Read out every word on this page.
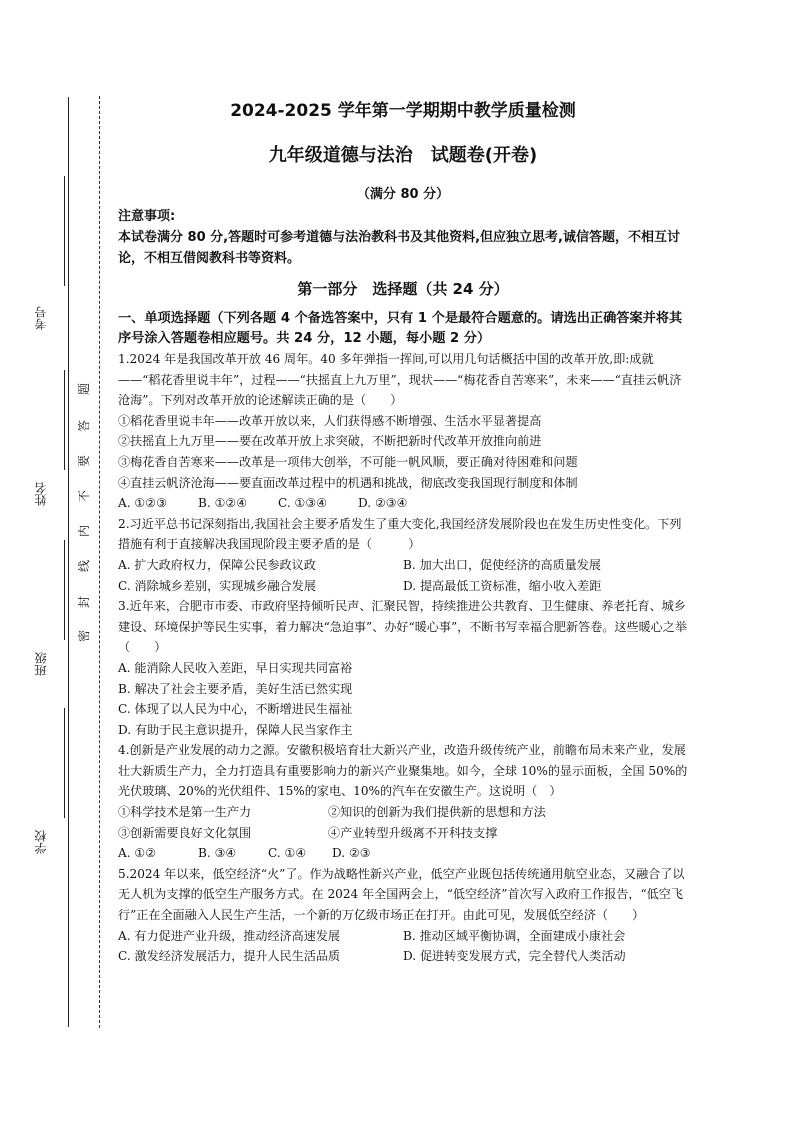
考号
姓名
班级
学校
题
答
要
不
内
线
封
密
2024-2025 学年第一学期期中教学质量检测
九年级道德与法治　试题卷(开卷)
（满分 80 分）
注意事项:
本试卷满分 80 分,答题时可参考道德与法治教科书及其他资料,但应独立思考,诚信答题，不相互讨论，不相互借阅教科书等资料。
第一部分　选择题（共 24 分）
一、单项选择题（下列各题 4 个备选答案中，只有 1 个是最符合题意的。请选出正确答案并将其序号涂入答题卷相应题号。共 24 分，12 小题，每小题 2 分）
1.2024 年是我国改革开放 46 周年。40 多年弹指一挥间,可以用几句话概括中国的改革开放,即:成就——“稻花香里说丰年”，过程——“扶摇直上九万里”，现状——“梅花香自苦寒来”，未来——“直挂云帆济沧海”。下列对改革开放的论述解读正确的是（　　）
①稻花香里说丰年——改革开放以来，人们获得感不断增强、生活水平显著提高
②扶摇直上九万里——要在改革开放上求突破，不断把新时代改革开放推向前进
③梅花香自苦寒来——改革是一项伟大创举，不可能一帆风顺，要正确对待困难和问题
④直挂云帆济沧海——要直面改革过程中的机遇和挑战，彻底改变我国现行制度和体制
A. ①②③	B. ①②④	C. ①③④	D. ②③④
2.习近平总书记深刻指出,我国社会主要矛盾发生了重大变化,我国经济发展阶段也在发生历史性变化。下列措施有利于直接解决我国现阶段主要矛盾的是（　　　）
A. 扩大政府权力，保障公民参政议政	B. 加大出口，促使经济的高质量发展
C. 消除城乡差别，实现城乡融合发展	D. 提高最低工资标准，缩小收入差距
3.近年来，合肥市市委、市政府坚持倾听民声、汇聚民智，持续推进公共教育、卫生健康、养老托育、城乡建设、环境保护等民生实事，着力解决“急迫事”、办好“暖心事”，不断书写幸福合肥新答卷。这些暖心之举（　　）
A. 能消除人民收入差距，早日实现共同富裕
B. 解决了社会主要矛盾，美好生活已然实现
C. 体现了以人民为中心，不断增进民生福祉
D. 有助于民主意识提升，保障人民当家作主
4.创新是产业发展的动力之源。安徽积极培育壮大新兴产业，改造升级传统产业，前瞻布局未来产业，发展壮大新质生产力，全力打造具有重要影响力的新兴产业聚集地。如今，全球 10%的显示面板，全国 50%的光伏玻璃、20%的光伏组件、15%的家电、10%的汽车在安徽生产。这说明（　）
①科学技术是第一生产力	②知识的创新为我们提供新的思想和方法
③创新需要良好文化氛围	④产业转型升级离不开科技支撑
A. ①②	B. ③④	C. ①④	D. ②③
5.2024 年以来，低空经济“火”了。作为战略性新兴产业，低空产业既包括传统通用航空业态，又融合了以无人机为支撑的低空生产服务方式。在 2024 年全国两会上，“低空经济”首次写入政府工作报告，“低空飞行”正在全面融入人民生产生活，一个新的万亿级市场正在打开。由此可见，发展低空经济（　　）
A. 有力促进产业升级，推动经济高速发展	B. 推动区域平衡协调，全面建成小康社会
C. 激发经济发展活力，提升人民生活品质	D. 促进转变发展方式，完全替代人类活动
